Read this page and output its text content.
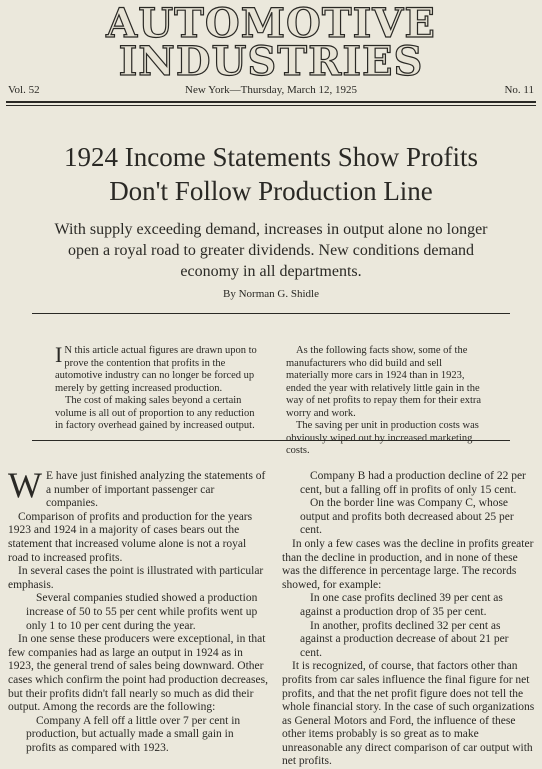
AUTOMOTIVE
INDUSTRIES
Vol. 52	New York—Thursday, March 12, 1925	No. 11
1924 Income Statements Show Profits
Don't Follow Production Line

With supply exceeding demand, increases in output alone no longer open a royal road to greater dividends. New conditions demand economy in all departments.

By Norman G. Shidle

I N this article actual figures are drawn upon to prove the contention that profits in the automotive industry can no longer be forced up merely by getting increased production.

The cost of making sales beyond a certain volume is all out of proportion to any reduction in factory overhead gained by increased output.

As the following facts show, some of the manufacturers who did build and sell materially more cars in 1924 than in 1923, ended the year with relatively little gain in the way of net profits to repay them for their extra worry and work.

The saving per unit in production costs was obviously wiped out by increased marketing costs.

W E have just finished analyzing the statements of a number of important passenger car companies.

Comparison of profits and production for the years 1923 and 1924 in a majority of cases bears out the statement that increased volume alone is not a royal road to increased profits.

In several cases the point is illustrated with particular emphasis.

Several companies studied showed a production increase of 50 to 55 per cent while profits went up only 1 to 10 per cent during the year.

In one sense these producers were exceptional, in that few companies had as large an output in 1924 as in 1923, the general trend of sales being downward. Other cases which confirm the point had production decreases, but their profits didn't fall nearly so much as did their output. Among the records are the following:

Company A fell off a little over 7 per cent in production, but actually made a small gain in profits as compared with 1923.

Company B had a production decline of 22 per cent, but a falling off in profits of only 15 cent.

On the border line was Company C, whose output and profits both decreased about 25 per cent.

In only a few cases was the decline in profits greater than the decline in production, and in none of these was the difference in percentage large. The records showed, for example:

In one case profits declined 39 per cent as against a production drop of 35 per cent.

In another, profits declined 32 per cent as against a production decrease of about 21 per cent.

It is recognized, of course, that factors other than profits from car sales influence the final figure for net profits, and that the net profit figure does not tell the whole financial story. In the case of such organizations as General Motors and Ford, the influence of these other items probably is so great as to make unreasonable any direct comparison of car output with net profits.
